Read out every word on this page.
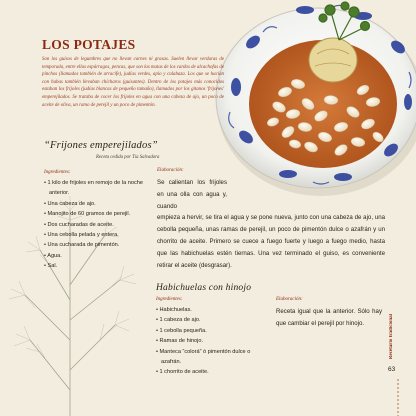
LOS POTAJES
Son los guisos de legumbres que no llevan carnes ni grasas. Suelen llevar verduras de temporada, entre ellas espárragos, pencas, que son las matas de los cardos de alcachofas de pinchos (llamados también de arracife), judías verdes, apio y calabaza. Los que se hacían con habas también llevaban chícharos (guisantes). Dentro de los potajes más conocidos estaban los frijoles (judías blancas de pequeño tamaño), llamados por los gitanos 'frijones' emperejilados. Se trataba de cocer los frijoles en agua con una cabeza de ajo, un poco de aceite de oliva, un ramo de perejil y un poco de pimentón.
“Frijones emperejilados”
Receta cedida por Tía Salvadora
Ingredientes:
• 1 kilo de frijoles en remojo de la noche anterior.
• Una cabeza de ajo.
• Manojito de 60 gramos de perejil.
• Dos cucharadas de aceite.
• Una cebolla pelada y entera.
• Una cucharada de pimentón.
• Agua.
• Sal.
Elaboración:
Se calientan los frijoles en una olla con agua y, cuando
empieza a hervir, se tira el agua y se pone nueva, junto con una cabeza de ajo, una cebolla pequeña, unas ramas de perejil, un poco de pimentón dulce o azafrán y un chorrito de aceite. Primero se cuece a fuego fuerte y luego a fuego medio, hasta que las habichuelas estén tiernas. Una vez terminado el guiso, es conveniente retirar el aceite (desgrasar).
Habichuelas con hinojo
Ingredientes:
• Habichuelas.
• 1 cabeza de ajo.
• 1 cebolla pequeña.
• Ramas de hinojo.
• Manteca “colorá” ó pimentón dulce o azafrán.
• 1 chorrito de aceite.
Elaboración:
Receta igual que la anterior. Sólo hay que cambiar el perejil por hinojo.	Recetario tradicional
63
